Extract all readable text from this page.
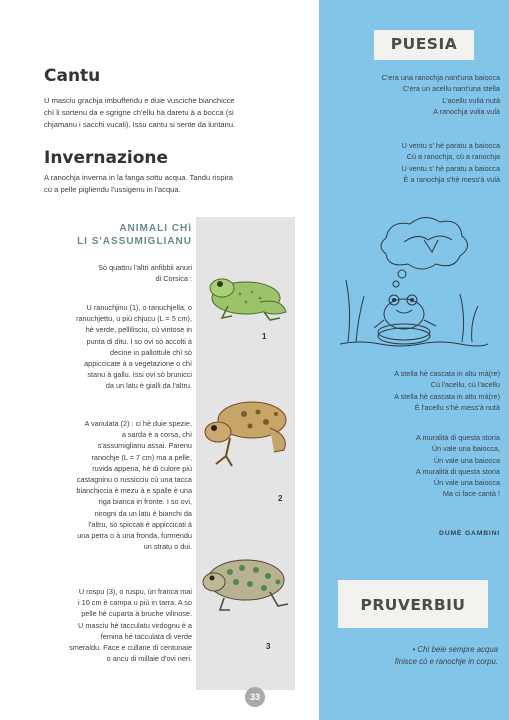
Cantu
U masciu grachja imbuffendu e duie vusciche bianchicce
chì li sortenu da e sgrigne ch'ellu hà daretu à a bocca (si
chjamanu i sacchi vucali). Issu cantu si sente da luntanu.
Invernazione
A ranochja inverna in la fanga sottu acqua. Tandu rispira
cù a pelle pigliendu l'ussigenu in l'acqua.
ANIMALI CHì
LI S'ASSUMIGLIANU
Sò quattru l'altri anfibbii anuri
di Corsica :
U ranuchjinu (1), o ranuchjella, o
ranuchjettu, u più chjucu (L = 5 cm),
hè verde, pellilisciu, cù vintose in
punta di ditu. I so ovi sò accolti à
decine in pallottule chì sò
appiccicate à a vegetazione o chì
stanu à gallu. Issi ovi sò brunicci
da un latu è gialli da l'altru.
A variulata (2) : ci hè duie spezie,
a sarda è a corsa, chì
s'assumiglianu assai. Parenu
ranochje (L = 7 cm) ma a pelle,
ruvida appena, hè di culore più
castagninu o russicciu cù una tacca
bianchiccia è mezu à e spalle è una
riga bianca in fronte. I so ovi,
nirogni da un latu è bianchi da
l'altru, sò spiccati è appiccicati à
una petra o à una fronda, furmendu
un stratu o dui.
U rospu (3), o ruspu, ùn franca mai
i 10 cm è campa u più in tarra. A so
pelle hè cuparta à bruche vilinose.
U masciu hè tacculatu virdognu è a
femina hè tacculata di verde
smeraldu. Face e cullane di centunaie
o ancu di millaie d'ovi neri.
1
2
3
PUESIA
C'era una ranochja nant'una baiocca
C'era un acellu nant'una stella
L'acellu vulia nutà
A ranochja vulia vulà
U ventu s' hè paratu a baiocca
Cù a ranochja, cù a ranochja
U ventu s' hè paratu a baiocca
È a ranochja s'hè mess'à vulà
A stella hè cascata in altu mà(re)
Cù l'acellu, cù l'acellu
A stella hè cascata in altu mà(re)
È l'acellu s'hè mess'à nutà
A muralità di questa storia
Ùn vale una baiocca,
Ùn vale una baiocca
A muralità di questa storia
Ùn vale una baiocca
Ma ci face cantà !
DUMÈ GAMBINI
PRUVERBIU
• Chì beie sempre acqua
finisce cù e ranochje in corpu.
33
